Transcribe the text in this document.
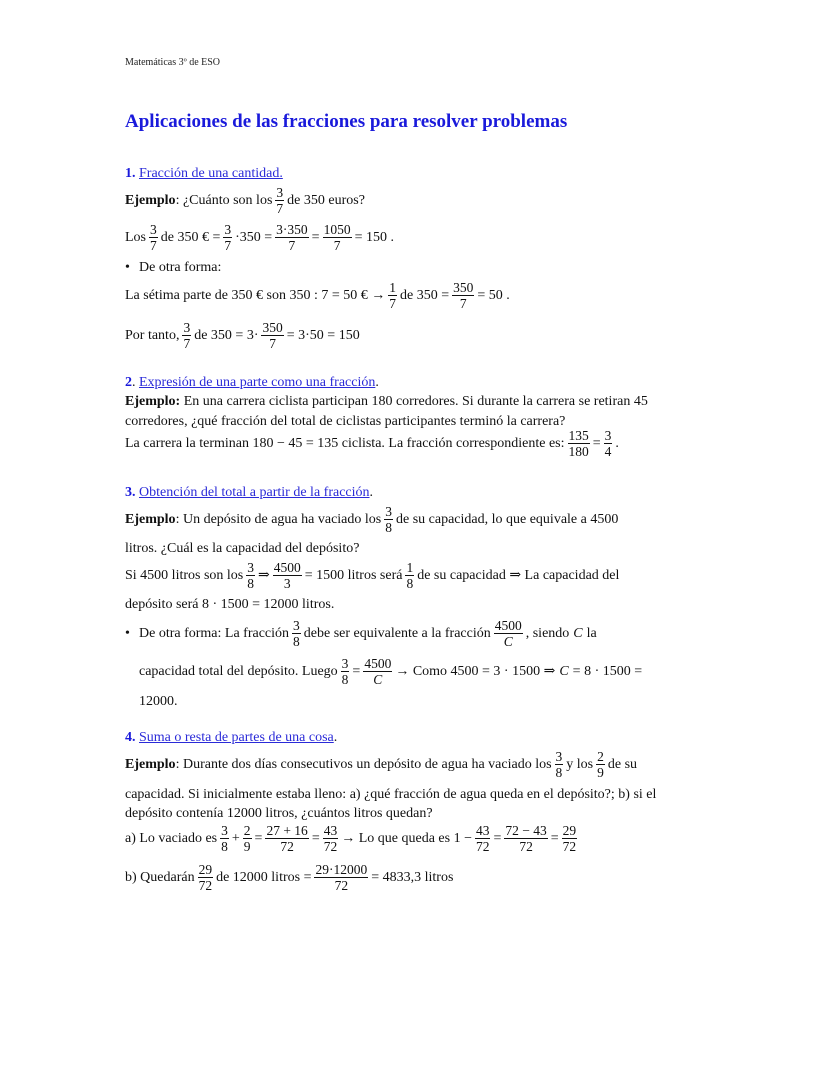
Matemáticas 3º de ESO
Aplicaciones de las fracciones para resolver problemas
1. Fracción de una cantidad.
Ejemplo : ¿Cuánto son los $\frac{3}{7}$ de 350 euros?
Los $\frac{3}{7}$ de 350 € = $\frac{3}{7} \cdot 350 = \frac{3\cdot 350}{7} = \frac{1050}{7} = 150$ .
• De otra forma:
La sétima parte de 350 € son 350 : 7 = 50 € → $\frac{1}{7}$ de $350 = \frac{350}{7} = 50$ .
Por tanto, $\frac{3}{7}$ de $350 = 3\cdot \frac{350}{7} = 3\cdot 50 = 150$
2. Expresión de una parte como una fracción.
Ejemplo: En una carrera ciclista participan 180 corredores. Si durante la carrera se retiran 45 corredores, ¿qué fracción del total de ciclistas participantes terminó la carrera?
La carrera la terminan 180 − 45 = 135 ciclista. La fracción correspondiente es: $\frac{135}{180} = \frac{3}{4}$ .
3. Obtención del total a partir de la fracción.
Ejemplo : Un depósito de agua ha vaciado los $\frac{3}{8}$ de su capacidad, lo que equivale a 4500
litros. ¿Cuál es la capacidad del depósito?
Si 4500 litros son los $\frac{3}{8}$ ⇒ $\frac{4500}{3} = 1500$ litros será $\frac{1}{8}$ de su capacidad ⇒ La capacidad del
depósito será 8 · 1500 = 12000 litros.
• De otra forma: La fracción $\frac{3}{8}$ debe ser equivalente a la fracción $\frac{4500}{C}$ , siendo C la
capacidad total del depósito. Luego $\frac{3}{8} = \frac{4500}{C}$ → Como 4500 = 3 · 1500 ⇒ C = 8 · 1500 =
12000.
4. Suma o resta de partes de una cosa.
Ejemplo : Durante dos días consecutivos un depósito de agua ha vaciado los $\frac{3}{8}$ y los $\frac{2}{9}$ de su
capacidad. Si inicialmente estaba lleno: a) ¿qué fracción de agua queda en el depósito?; b) si el depósito contenía 12000 litros, ¿cuántos litros quedan?
a) Lo vaciado es $\frac{3}{8} + \frac{2}{9} = \frac{27 + 16}{72} = \frac{43}{72} \to Lo$ que queda es $1 - \frac{43}{72} = \frac{72 - 43}{72} = \frac{29}{72}$
b) Quedarán $\frac{29}{72}$ de 12000 litros = $\frac{29\cdot 12000}{72} = 4833,3$ litros
